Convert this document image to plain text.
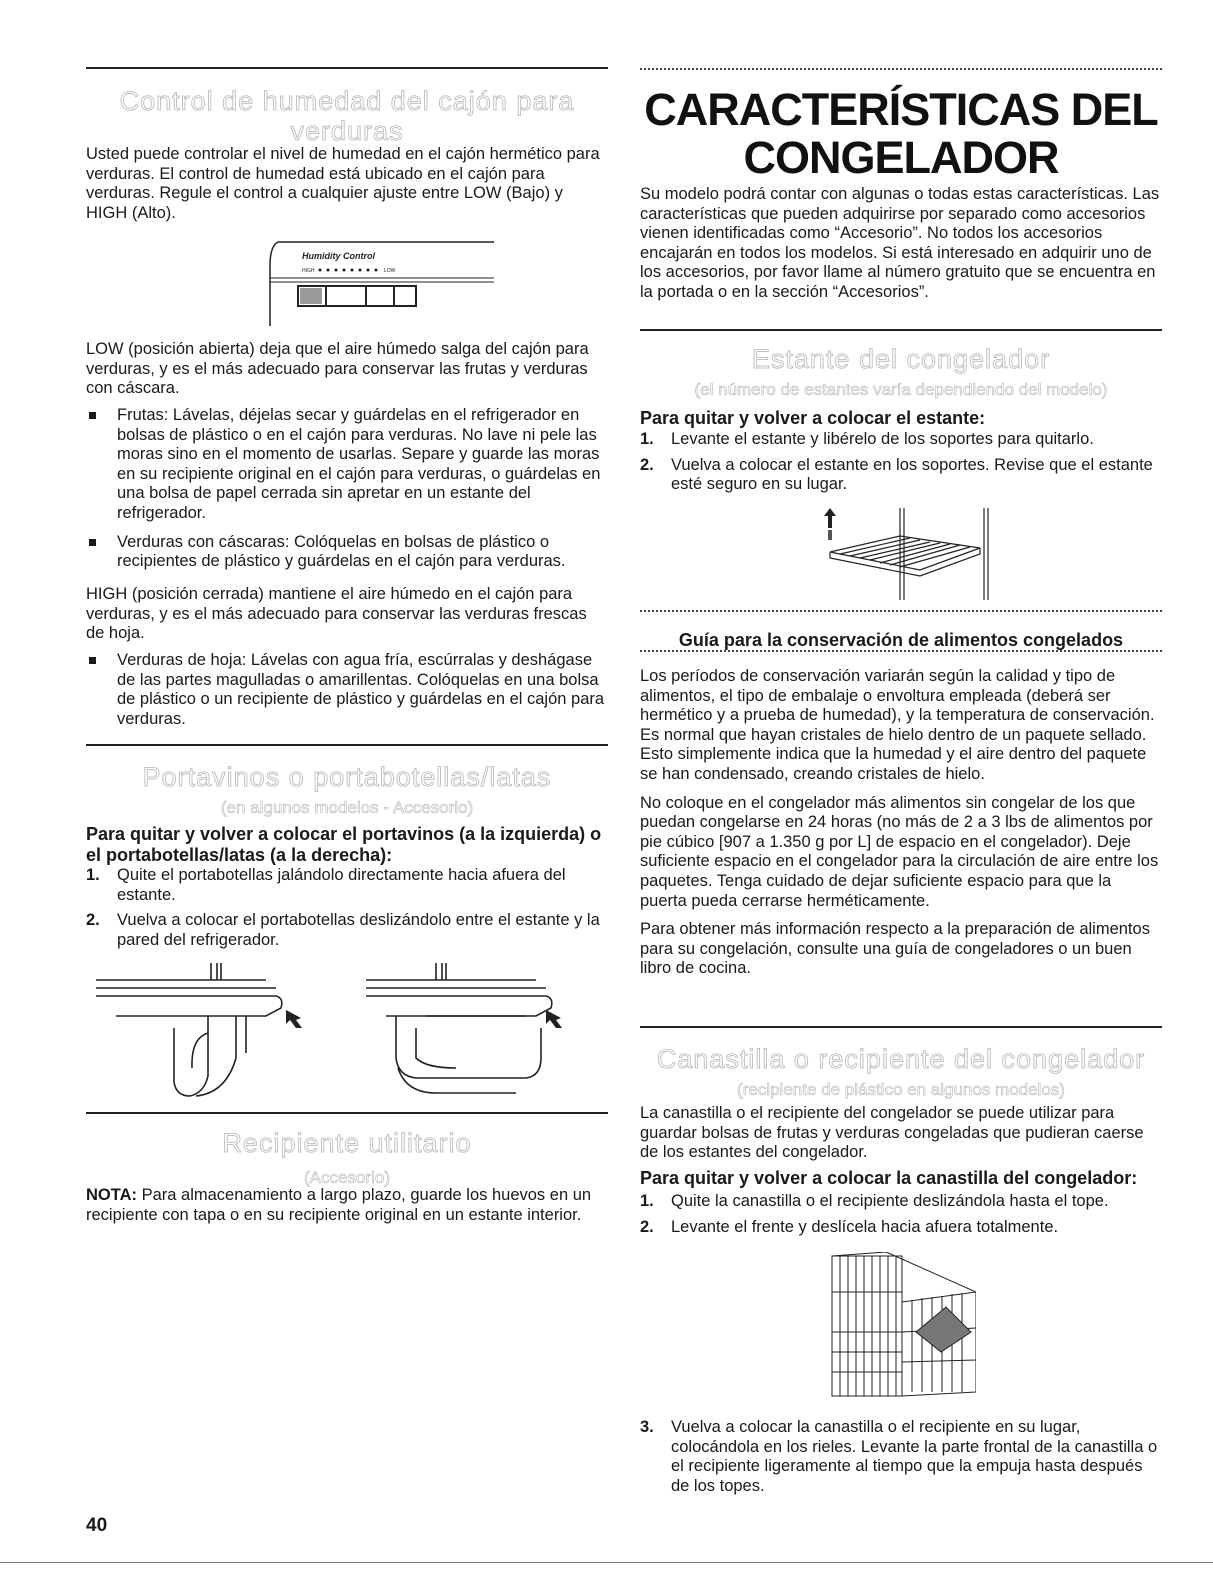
Control de humedad del cajón para verduras

Usted puede controlar el nivel de humedad en el cajón hermético para verduras. El control de humedad está ubicado en el cajón para verduras. Regule el control a cualquier ajuste entre LOW (Bajo) y HIGH (Alto).

Humidity Control
HIGH	LOW

LOW (posición abierta) deja que el aire húmedo salga del cajón para verduras, y es el más adecuado para conservar las frutas y verduras con cáscara.

Frutas: Lávelas, déjelas secar y guárdelas en el refrigerador en bolsas de plástico o en el cajón para verduras. No lave ni pele las moras sino en el momento de usarlas. Separe y guarde las moras en su recipiente original en el cajón para verduras, o guárdelas en una bolsa de papel cerrada sin apretar en un estante del refrigerador.
Verduras con cáscaras: Colóquelas en bolsas de plástico o recipientes de plástico y guárdelas en el cajón para verduras.

HIGH (posición cerrada) mantiene el aire húmedo en el cajón para verduras, y es el más adecuado para conservar las verduras frescas de hoja.

Verduras de hoja: Lávelas con agua fría, escúrralas y deshágase de las partes magulladas o amarillentas. Colóquelas en una bolsa de plástico o un recipiente de plástico y guárdelas en el cajón para verduras.
Portavinos o portabotellas/latas
(en algunos modelos - Accesorio)
Para quitar y volver a colocar el portavinos (a la izquierda) o el portabotellas/latas (a la derecha):
1. Quite el portabotellas jalándolo directamente hacia afuera del estante.
2. Vuelva a colocar el portabotellas deslizándolo entre el estante y la pared del refrigerador.
Recipiente utilitario
(Accesorio)

NOTA: Para almacenamiento a largo plazo, guarde los huevos en un recipiente con tapa o en su recipiente original en un estante interior.

CARACTERÍSTICAS DEL
CONGELADOR

Su modelo podrá contar con algunas o todas estas características. Las características que pueden adquirirse por separado como accesorios vienen identificadas como “Accesorio”. No todos los accesorios encajarán en todos los modelos. Si está interesado en adquirir uno de los accesorios, por favor llame al número gratuito que se encuentra en la portada o en la sección “Accesorios”.

Estante del congelador
(el número de estantes varía dependiendo del modelo)
Para quitar y volver a colocar el estante:
1. Levante el estante y libérelo de los soportes para quitarlo.
2. Vuelva a colocar el estante en los soportes. Revise que el estante esté seguro en su lugar.
Guía para la conservación de alimentos congelados

Los períodos de conservación variarán según la calidad y tipo de alimentos, el tipo de embalaje o envoltura empleada (deberá ser hermético y a prueba de humedad), y la temperatura de conservación. Es normal que hayan cristales de hielo dentro de un paquete sellado. Esto simplemente indica que la humedad y el aire dentro del paquete se han condensado, creando cristales de hielo.

No coloque en el congelador más alimentos sin congelar de los que puedan congelarse en 24 horas (no más de 2 a 3 lbs de alimentos por pie cúbico [907 a 1.350 g por L] de espacio en el congelador). Deje suficiente espacio en el congelador para la circulación de aire entre los paquetes. Tenga cuidado de dejar suficiente espacio para que la puerta pueda cerrarse herméticamente.

Para obtener más información respecto a la preparación de alimentos para su congelación, consulte una guía de congeladores o un buen libro de cocina.

Canastilla o recipiente del congelador
(recipiente de plástico en algunos modelos)

La canastilla o el recipiente del congelador se puede utilizar para guardar bolsas de frutas y verduras congeladas que pudieran caerse de los estantes del congelador.

Para quitar y volver a colocar la canastilla del congelador:
1. Quite la canastilla o el recipiente deslizándola hasta el tope.
2. Levante el frente y deslícela hacia afuera totalmente.
3. Vuelva a colocar la canastilla o el recipiente en su lugar, colocándola en los rieles. Levante la parte frontal de la canastilla o el recipiente ligeramente al tiempo que la empuja hasta después de los topes.
40
